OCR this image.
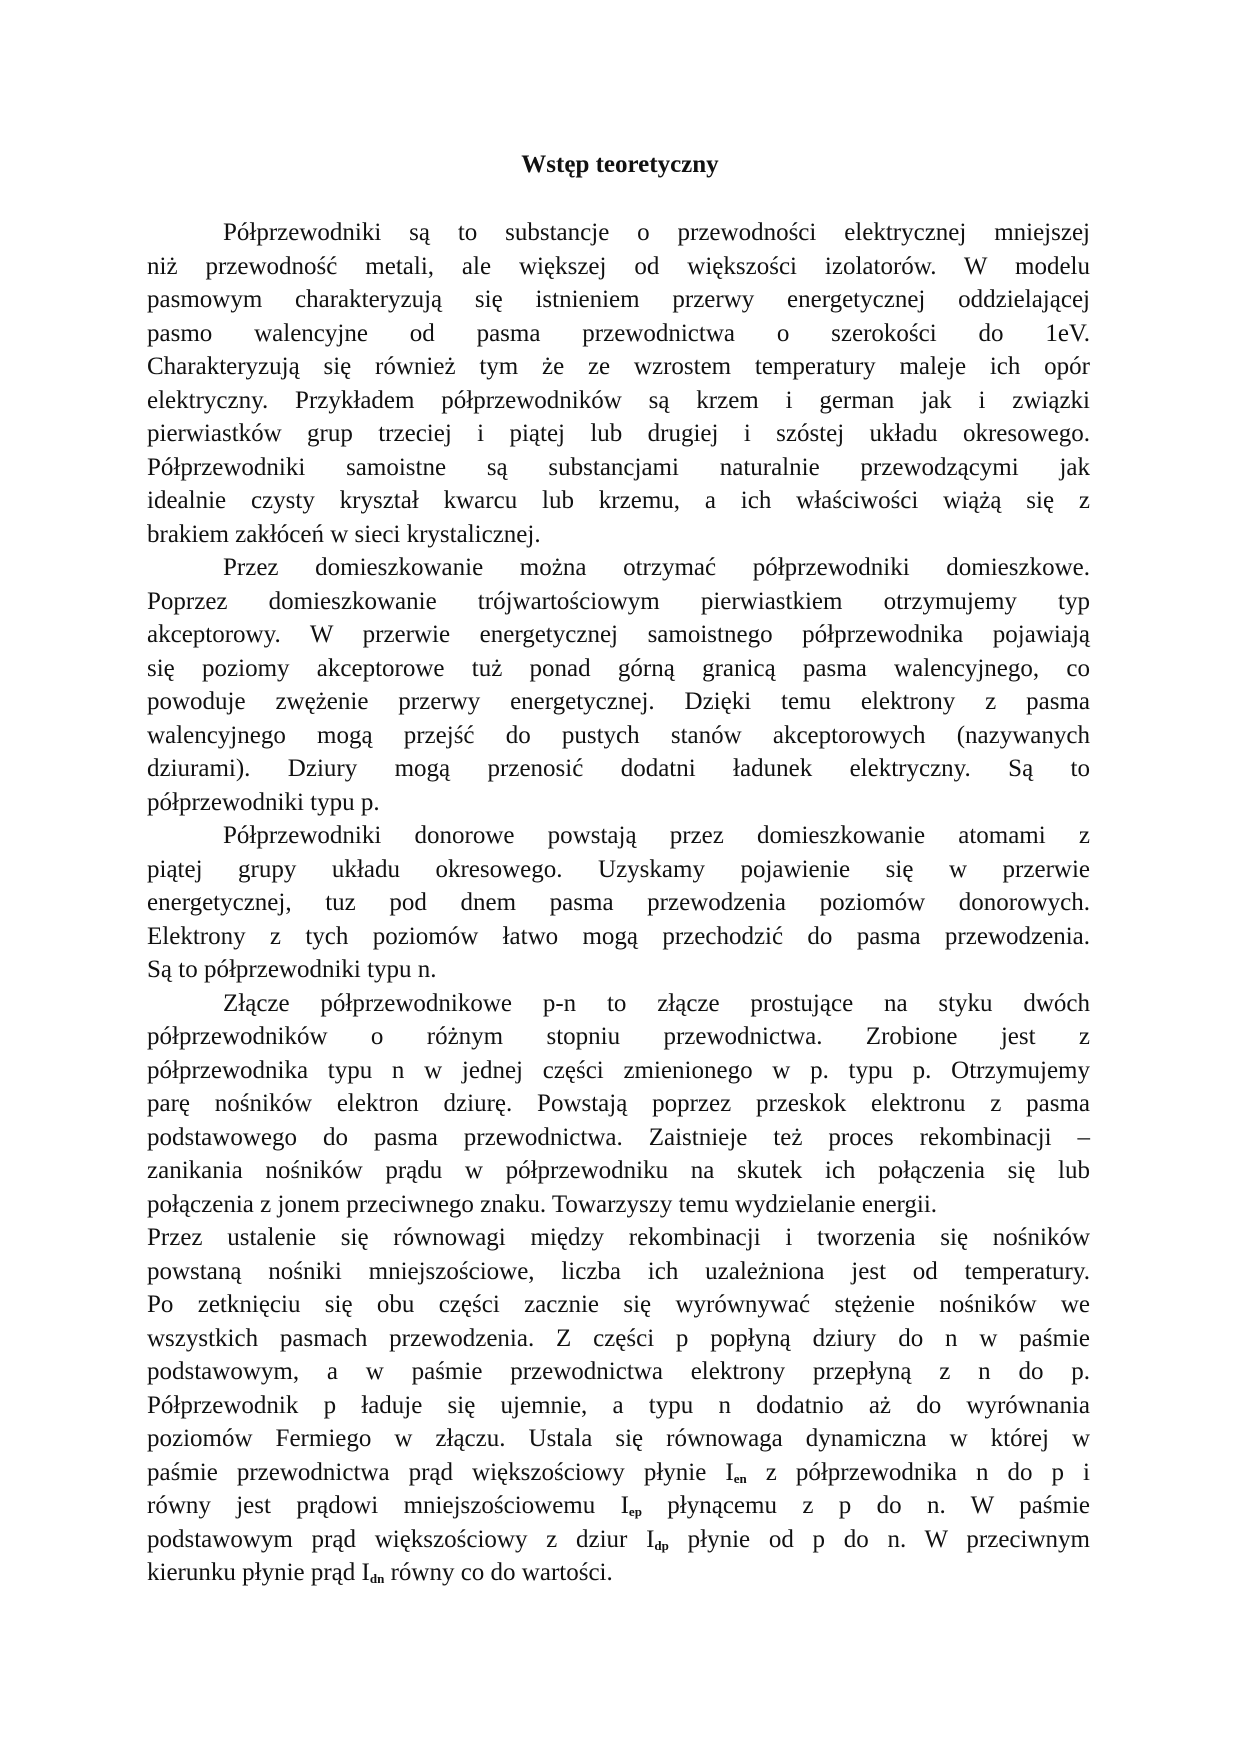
Wstęp teoretyczny
Półprzewodniki są to substancje o przewodności elektrycznej mniejszej
niż przewodność metali, ale większej od większości izolatorów. W modelu
pasmowym charakteryzują się istnieniem przerwy energetycznej oddzielającej
pasmo walencyjne od pasma przewodnictwa o szerokości do 1eV.
Charakteryzują się również tym że ze wzrostem temperatury maleje ich opór
elektryczny. Przykładem półprzewodników są krzem i german jak i związki
pierwiastków grup trzeciej i piątej lub drugiej i szóstej układu okresowego.
Półprzewodniki samoistne są substancjami naturalnie przewodzącymi jak
idealnie czysty kryształ kwarcu lub krzemu, a ich właściwości wiążą się z
brakiem zakłóceń w sieci krystalicznej.
Przez domieszkowanie można otrzymać półprzewodniki domieszkowe.
Poprzez domieszkowanie trójwartościowym pierwiastkiem otrzymujemy typ
akceptorowy. W przerwie energetycznej samoistnego półprzewodnika pojawiają
się poziomy akceptorowe tuż ponad górną granicą pasma walencyjnego, co
powoduje zwężenie przerwy energetycznej. Dzięki temu elektrony z pasma
walencyjnego mogą przejść do pustych stanów akceptorowych (nazywanych
dziurami). Dziury mogą przenosić dodatni ładunek elektryczny. Są to
półprzewodniki typu p.
Półprzewodniki donorowe powstają przez domieszkowanie atomami z
piątej grupy układu okresowego. Uzyskamy pojawienie się w przerwie
energetycznej, tuz pod dnem pasma przewodzenia poziomów donorowych.
Elektrony z tych poziomów łatwo mogą przechodzić do pasma przewodzenia.
Są to półprzewodniki typu n.
Złącze półprzewodnikowe p-n to złącze prostujące na styku dwóch
półprzewodników o różnym stopniu przewodnictwa. Zrobione jest z
półprzewodnika typu n w jednej części zmienionego w p. typu p. Otrzymujemy
parę nośników elektron dziurę. Powstają poprzez przeskok elektronu z pasma
podstawowego do pasma przewodnictwa. Zaistnieje też proces rekombinacji –
zanikania nośników prądu w półprzewodniku na skutek ich połączenia się lub
połączenia z jonem przeciwnego znaku. Towarzyszy temu wydzielanie energii.
Przez ustalenie się równowagi między rekombinacji i tworzenia się nośników
powstaną nośniki mniejszościowe, liczba ich uzależniona jest od temperatury.
Po zetknięciu się obu części zacznie się wyrównywać stężenie nośników we
wszystkich pasmach przewodzenia. Z części p popłyną dziury do n w paśmie
podstawowym, a w paśmie przewodnictwa elektrony przepłyną z n do p.
Półprzewodnik p ładuje się ujemnie, a typu n dodatnio aż do wyrównania
poziomów Fermiego w złączu. Ustala się równowaga dynamiczna w której w
paśmie przewodnictwa prąd większościowy płynie $I_{en}$ z półprzewodnika n do p i
równy jest prądowi mniejszościowemu $I_{ep}$ płynącemu z p do n. W paśmie
podstawowym prąd większościowy z dziur $I_{dp}$ płynie od p do n. W przeciwnym
kierunku płynie prąd $I_{dn}$ równy co do wartości.
